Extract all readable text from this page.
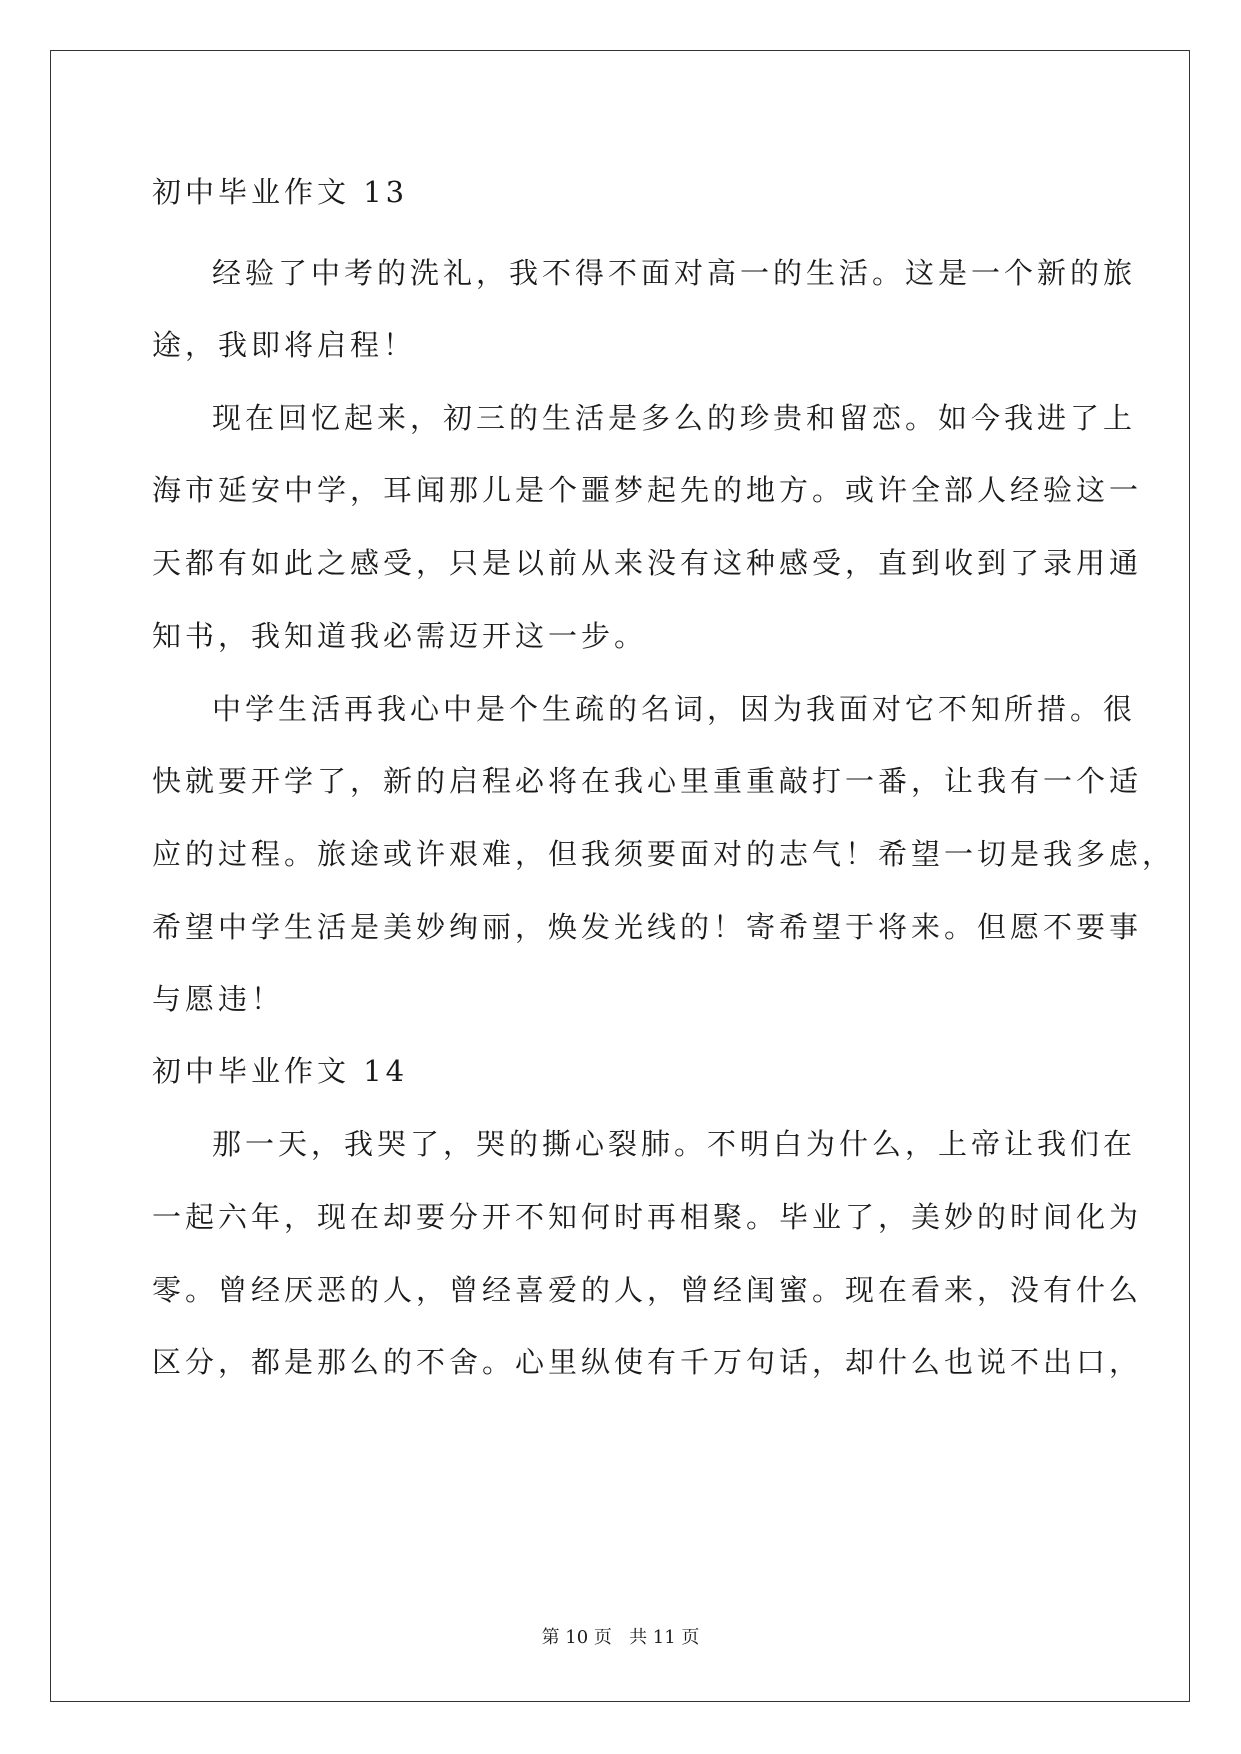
初中毕业作文 13
经验了中考的洗礼，我不得不面对高一的生活。这是一个新的旅
途，我即将启程！
现在回忆起来，初三的生活是多么的珍贵和留恋。如今我进了上
海市延安中学，耳闻那儿是个噩梦起先的地方。或许全部人经验这一
天都有如此之感受，只是以前从来没有这种感受，直到收到了录用通
知书，我知道我必需迈开这一步。
中学生活再我心中是个生疏的名词，因为我面对它不知所措。很
快就要开学了，新的启程必将在我心里重重敲打一番，让我有一个适
应的过程。旅途或许艰难，但我须要面对的志气！希望一切是我多虑，
希望中学生活是美妙绚丽，焕发光线的！寄希望于将来。但愿不要事
与愿违！
初中毕业作文 14
那一天，我哭了，哭的撕心裂肺。不明白为什么，上帝让我们在
一起六年，现在却要分开不知何时再相聚。毕业了，美妙的时间化为
零。曾经厌恶的人，曾经喜爱的人，曾经闺蜜。现在看来，没有什么
区分，都是那么的不舍。心里纵使有千万句话，却什么也说不出口，
第 10 页   共 11 页
